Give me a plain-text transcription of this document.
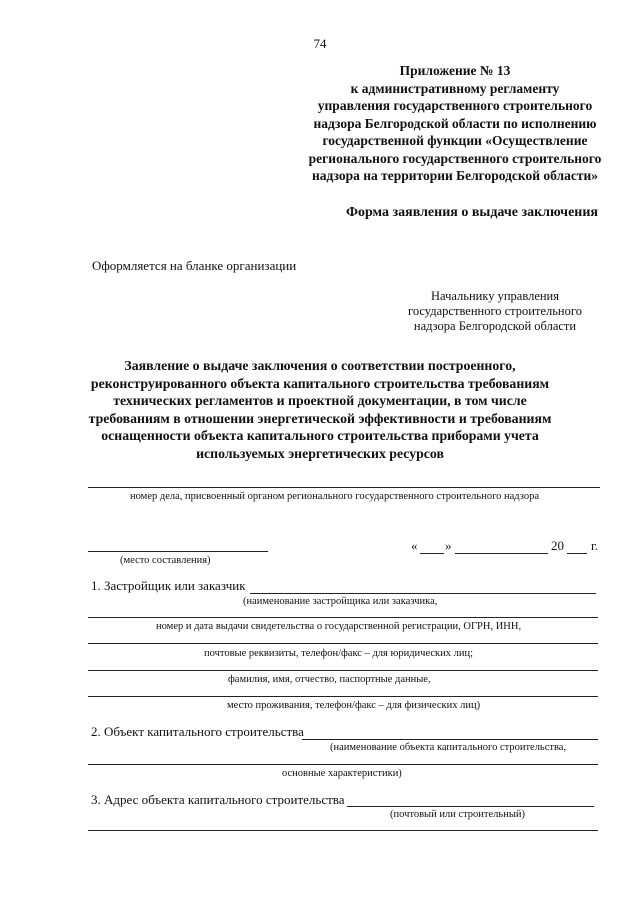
74
Приложение № 13
к административному регламенту
управления государственного строительного
надзора Белгородской области по исполнению
государственной функции «Осуществление
регионального государственного строительного
надзора на территории Белгородской области»
Форма заявления о выдаче заключения
Оформляется на бланке организации
Начальнику управления
государственного строительного
надзора Белгородской области
Заявление о выдаче заключения о соответствии построенного,
реконструированного объекта капитального строительства требованиям
технических регламентов и проектной документации, в том числе
требованиям в отношении энергетической эффективности и требованиям
оснащенности объекта капитального строительства приборами учета
используемых энергетических ресурсов
номер дела, присвоенный органом регионального государственного строительного надзора
(место составления)
« »	20 г.
1. Застройщик или заказчик
(наименование застройщика или заказчика,
номер и дата выдачи свидетельства о государственной регистрации, ОГРН, ИНН,
почтовые реквизиты, телефон/факс – для юридических лиц;
фамилия, имя, отчество, паспортные данные,
место проживания, телефон/факс – для физических лиц)
2. Объект капитального строительства
(наименование объекта капитального строительства,
основные характеристики)
3. Адрес объекта капитального строительства
(почтовый или строительный)
